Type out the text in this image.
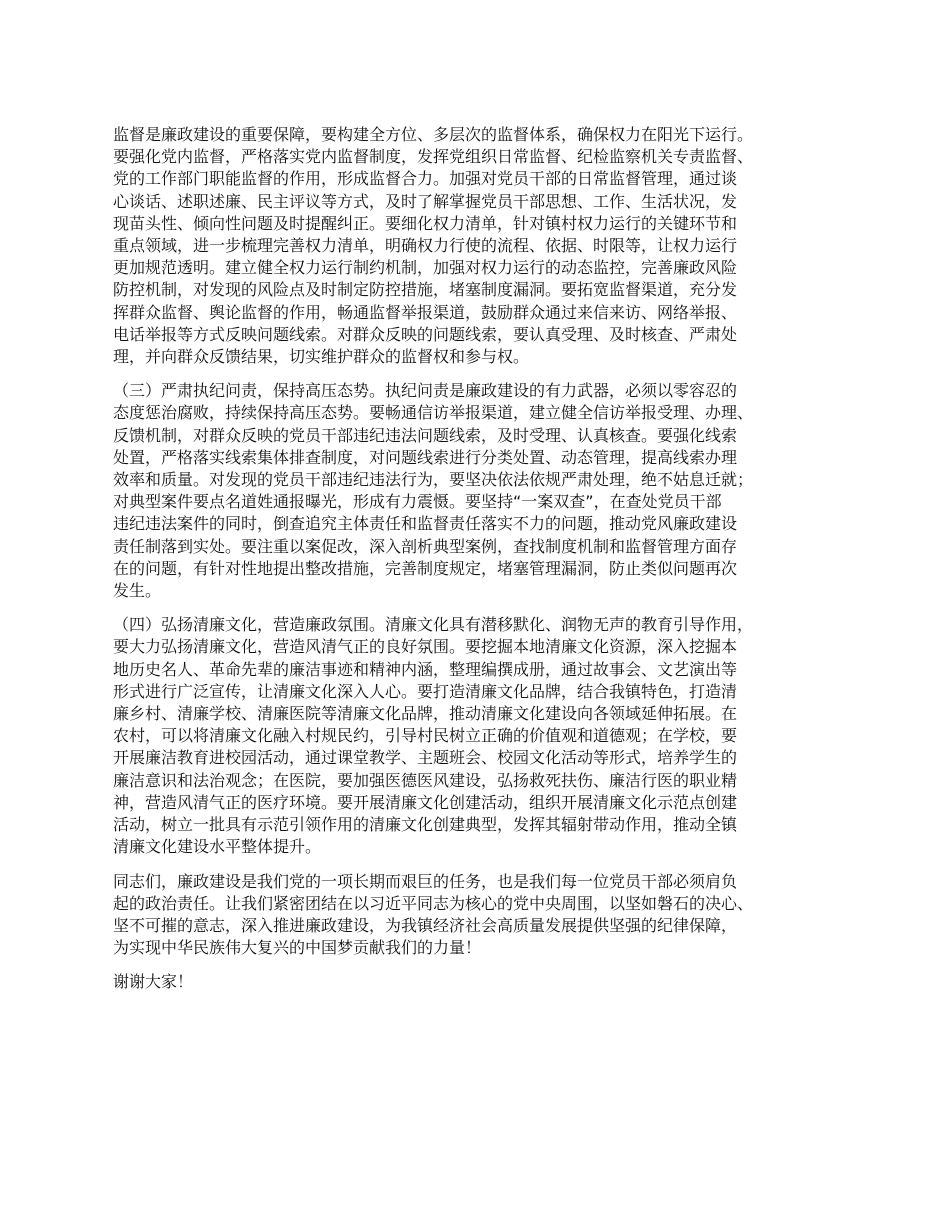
监督是廉政建设的重要保障，要构建全方位、多层次的监督体系，确保权力在阳光下运行。
要强化党内监督，严格落实党内监督制度，发挥党组织日常监督、纪检监察机关专责监督、
党的工作部门职能监督的作用，形成监督合力。加强对党员干部的日常监督管理，通过谈
心谈话、述职述廉、民主评议等方式，及时了解掌握党员干部思想、工作、生活状况，发
现苗头性、倾向性问题及时提醒纠正。要细化权力清单，针对镇村权力运行的关键环节和
重点领域，进一步梳理完善权力清单，明确权力行使的流程、依据、时限等，让权力运行
更加规范透明。建立健全权力运行制约机制，加强对权力运行的动态监控，完善廉政风险
防控机制，对发现的风险点及时制定防控措施，堵塞制度漏洞。要拓宽监督渠道，充分发
挥群众监督、舆论监督的作用，畅通监督举报渠道，鼓励群众通过来信来访、网络举报、
电话举报等方式反映问题线索。对群众反映的问题线索，要认真受理、及时核查、严肃处
理，并向群众反馈结果，切实维护群众的监督权和参与权。

（三）严肃执纪问责，保持高压态势。执纪问责是廉政建设的有力武器，必须以零容忍的
态度惩治腐败，持续保持高压态势。要畅通信访举报渠道，建立健全信访举报受理、办理、
反馈机制，对群众反映的党员干部违纪违法问题线索，及时受理、认真核查。要强化线索
处置，严格落实线索集体排查制度，对问题线索进行分类处置、动态管理，提高线索办理
效率和质量。对发现的党员干部违纪违法行为，要坚决依法依规严肃处理，绝不姑息迁就；
对典型案件要点名道姓通报曝光，形成有力震慑。要坚持“一案双查”，在查处党员干部
违纪违法案件的同时，倒查追究主体责任和监督责任落实不力的问题，推动党风廉政建设
责任制落到实处。要注重以案促改，深入剖析典型案例，查找制度机制和监督管理方面存
在的问题，有针对性地提出整改措施，完善制度规定，堵塞管理漏洞，防止类似问题再次
发生。

（四）弘扬清廉文化，营造廉政氛围。清廉文化具有潜移默化、润物无声的教育引导作用，
要大力弘扬清廉文化，营造风清气正的良好氛围。要挖掘本地清廉文化资源，深入挖掘本
地历史名人、革命先辈的廉洁事迹和精神内涵，整理编撰成册，通过故事会、文艺演出等
形式进行广泛宣传，让清廉文化深入人心。要打造清廉文化品牌，结合我镇特色，打造清
廉乡村、清廉学校、清廉医院等清廉文化品牌，推动清廉文化建设向各领域延伸拓展。在
农村，可以将清廉文化融入村规民约，引导村民树立正确的价值观和道德观；在学校，要
开展廉洁教育进校园活动，通过课堂教学、主题班会、校园文化活动等形式，培养学生的
廉洁意识和法治观念；在医院，要加强医德医风建设，弘扬救死扶伤、廉洁行医的职业精
神，营造风清气正的医疗环境。要开展清廉文化创建活动，组织开展清廉文化示范点创建
活动，树立一批具有示范引领作用的清廉文化创建典型，发挥其辐射带动作用，推动全镇
清廉文化建设水平整体提升。

同志们，廉政建设是我们党的一项长期而艰巨的任务，也是我们每一位党员干部必须肩负
起的政治责任。让我们紧密团结在以习近平同志为核心的党中央周围，以坚如磐石的决心、
坚不可摧的意志，深入推进廉政建设，为我镇经济社会高质量发展提供坚强的纪律保障，
为实现中华民族伟大复兴的中国梦贡献我们的力量！

谢谢大家！
